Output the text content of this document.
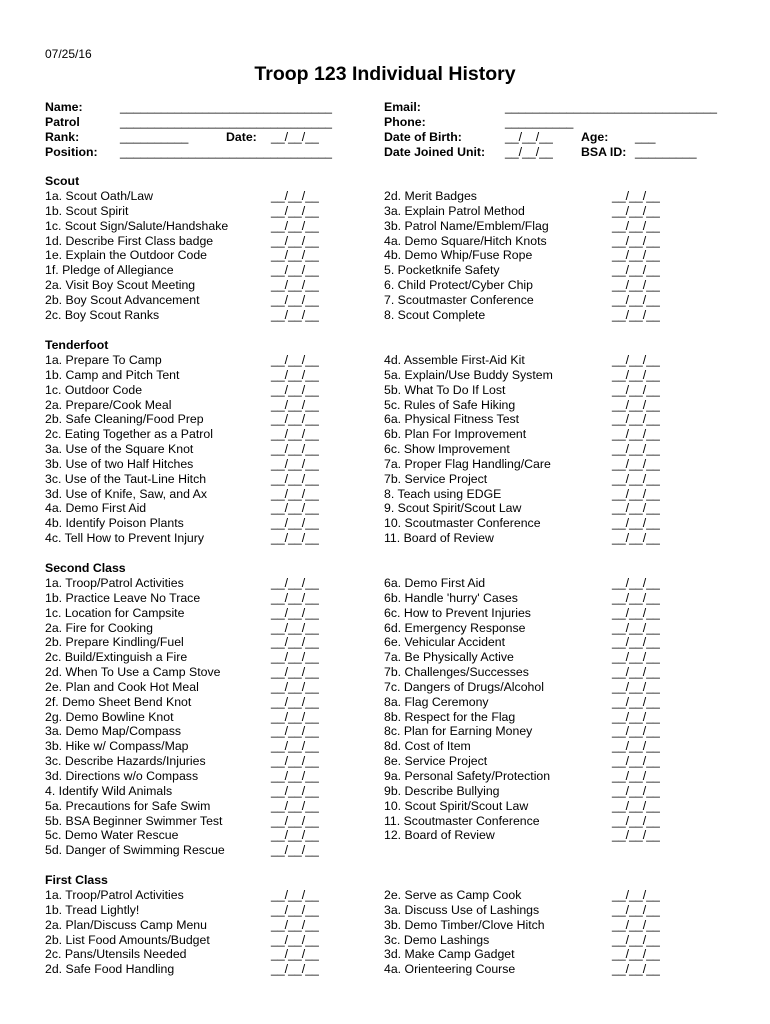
07/25/16
Troop 123 Individual History
Name:	_______________________________
Patrol	_______________________________
Rank:	__________	Date: __/__/__
Position: _______________________________
Email:	_______________________________
Phone:	__________
Date of Birth:	__/__/__ Age: ___
Date Joined Unit: __/__/__ BSA ID: _________
Scout
1a. Scout Oath/Law	__/__/__	2d. Merit Badges	__/__/__
1b. Scout Spirit	__/__/__	3a. Explain Patrol Method	__/__/__
1c. Scout Sign/Salute/Handshake	__/__/__	3b. Patrol Name/Emblem/Flag	__/__/__
1d. Describe First Class badge	__/__/__	4a. Demo Square/Hitch Knots	__/__/__
1e. Explain the Outdoor Code	__/__/__	4b. Demo Whip/Fuse Rope	__/__/__
1f. Pledge of Allegiance	__/__/__	5. Pocketknife Safety	__/__/__
2a. Visit Boy Scout Meeting	__/__/__	6. Child Protect/Cyber Chip	__/__/__
2b. Boy Scout Advancement	__/__/__	7. Scoutmaster Conference	__/__/__
2c. Boy Scout Ranks	__/__/__	8. Scout Complete	__/__/__
Tenderfoot
1a. Prepare To Camp	__/__/__	4d. Assemble First-Aid Kit	__/__/__
1b. Camp and Pitch Tent	__/__/__	5a. Explain/Use Buddy System	__/__/__
1c. Outdoor Code	__/__/__	5b. What To Do If Lost	__/__/__
2a. Prepare/Cook Meal	__/__/__	5c. Rules of Safe Hiking	__/__/__
2b. Safe Cleaning/Food Prep	__/__/__	6a. Physical Fitness Test	__/__/__
2c. Eating Together as a Patrol	__/__/__	6b. Plan For Improvement	__/__/__
3a. Use of the Square Knot	__/__/__	6c. Show Improvement	__/__/__
3b. Use of two Half Hitches	__/__/__	7a. Proper Flag Handling/Care	__/__/__
3c. Use of the Taut-Line Hitch	__/__/__	7b. Service Project	__/__/__
3d. Use of Knife, Saw, and Ax	__/__/__	8. Teach using EDGE	__/__/__
4a. Demo First Aid	__/__/__	9. Scout Spirit/Scout Law	__/__/__
4b. Identify Poison Plants	__/__/__	10. Scoutmaster Conference	__/__/__
4c. Tell How to Prevent Injury	__/__/__	11. Board of Review	__/__/__
Second Class
1a. Troop/Patrol Activities	__/__/__	6a. Demo First Aid	__/__/__
1b. Practice Leave No Trace	__/__/__	6b. Handle 'hurry' Cases	__/__/__
1c. Location for Campsite	__/__/__	6c. How to Prevent Injuries	__/__/__
2a. Fire for Cooking	__/__/__	6d. Emergency Response	__/__/__
2b. Prepare Kindling/Fuel	__/__/__	6e. Vehicular Accident	__/__/__
2c. Build/Extinguish a Fire	__/__/__	7a. Be Physically Active	__/__/__
2d. When To Use a Camp Stove	__/__/__	7b. Challenges/Successes	__/__/__
2e. Plan and Cook Hot Meal	__/__/__	7c. Dangers of Drugs/Alcohol	__/__/__
2f. Demo Sheet Bend Knot	__/__/__	8a. Flag Ceremony	__/__/__
2g. Demo Bowline Knot	__/__/__	8b. Respect for the Flag	__/__/__
3a. Demo Map/Compass	__/__/__	8c. Plan for Earning Money	__/__/__
3b. Hike w/ Compass/Map	__/__/__	8d. Cost of Item	__/__/__
3c. Describe Hazards/Injuries	__/__/__	8e. Service Project	__/__/__
3d. Directions w/o Compass	__/__/__	9a. Personal Safety/Protection	__/__/__
4. Identify Wild Animals	__/__/__	9b. Describe Bullying	__/__/__
5a. Precautions for Safe Swim	__/__/__	10. Scout Spirit/Scout Law	__/__/__
5b. BSA Beginner Swimmer Test	__/__/__	11. Scoutmaster Conference	__/__/__
5c. Demo Water Rescue	__/__/__	12. Board of Review	__/__/__
5d. Danger of Swimming Rescue	__/__/__
First Class
1a. Troop/Patrol Activities	__/__/__	2e. Serve as Camp Cook	__/__/__
1b. Tread Lightly!	__/__/__	3a. Discuss Use of Lashings	__/__/__
2a. Plan/Discuss Camp Menu	__/__/__	3b. Demo Timber/Clove Hitch	__/__/__
2b. List Food Amounts/Budget	__/__/__	3c. Demo Lashings	__/__/__
2c. Pans/Utensils Needed	__/__/__	3d. Make Camp Gadget	__/__/__
2d. Safe Food Handling	__/__/__	4a. Orienteering Course	__/__/__
